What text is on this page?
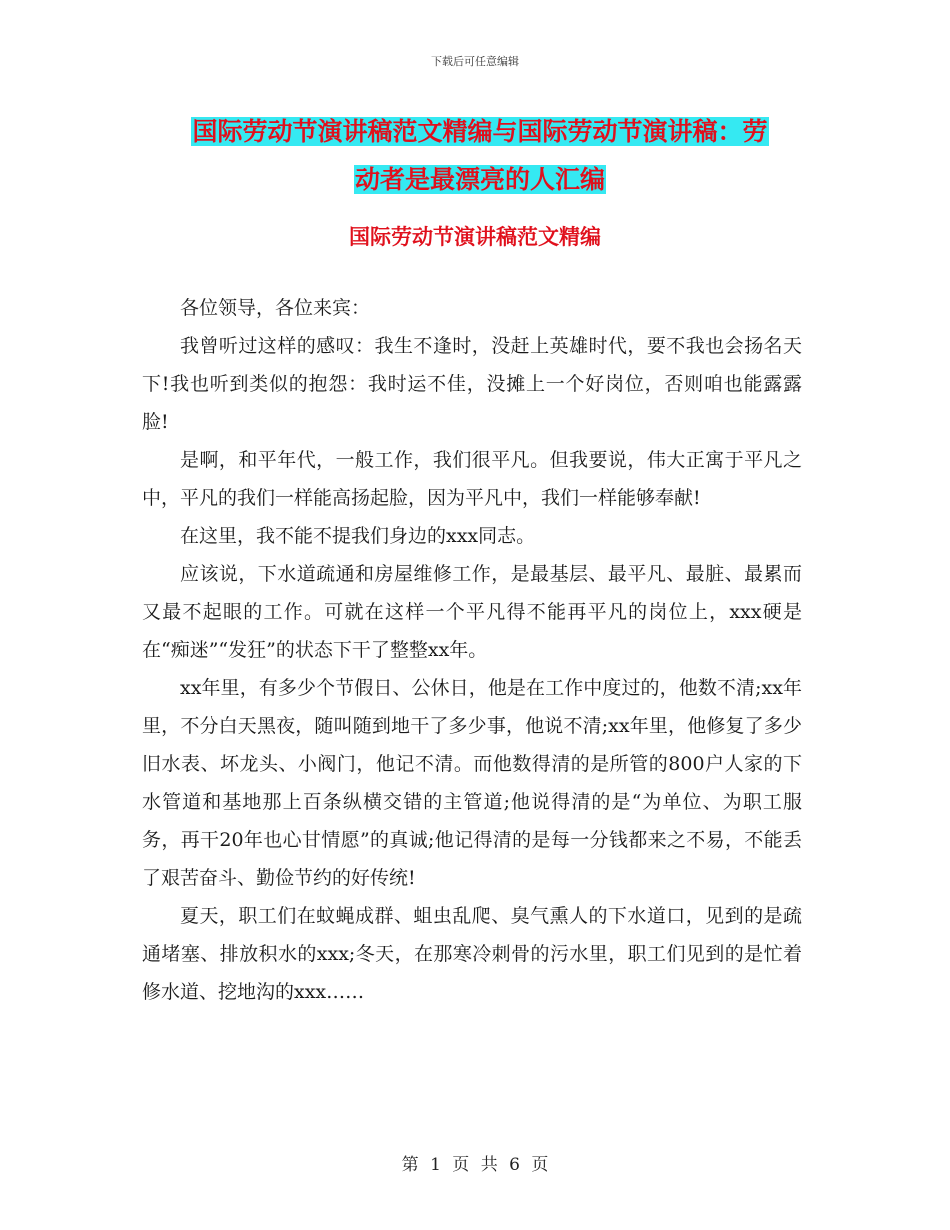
下载后可任意编辑
国际劳动节演讲稿范文精编与国际劳动节演讲稿：劳
动者是最漂亮的人汇编
国际劳动节演讲稿范文精编

各位领导，各位来宾：

我曾听过这样的感叹：我生不逢时，没赶上英雄时代，要不我也会扬名天下!我也听到类似的抱怨：我时运不佳，没摊上一个好岗位，否则咱也能露露脸!

是啊，和平年代，一般工作，我们很平凡。但我要说，伟大正寓于平凡之中，平凡的我们一样能高扬起脸，因为平凡中，我们一样能够奉献!

在这里，我不能不提我们身边的xxx同志。

应该说，下水道疏通和房屋维修工作，是最基层、最平凡、最脏、最累而又最不起眼的工作。可就在这样一个平凡得不能再平凡的岗位上，xxx硬是在“痴迷”“发狂”的状态下干了整整xx年。

xx年里，有多少个节假日、公休日，他是在工作中度过的，他数不清;xx年里，不分白天黑夜，随叫随到地干了多少事，他说不清;xx年里，他修复了多少旧水表、坏龙头、小阀门，他记不清。而他数得清的是所管的800户人家的下水管道和基地那上百条纵横交错的主管道;他说得清的是“为单位、为职工服务，再干20年也心甘情愿”的真诚;他记得清的是每一分钱都来之不易，不能丢了艰苦奋斗、勤俭节约的好传统!

夏天，职工们在蚊蝇成群、蛆虫乱爬、臭气熏人的下水道口，见到的是疏通堵塞、排放积水的xxx;冬天，在那寒冷刺骨的污水里，职工们见到的是忙着修水道、挖地沟的xxx……

第 1 页 共 6 页
